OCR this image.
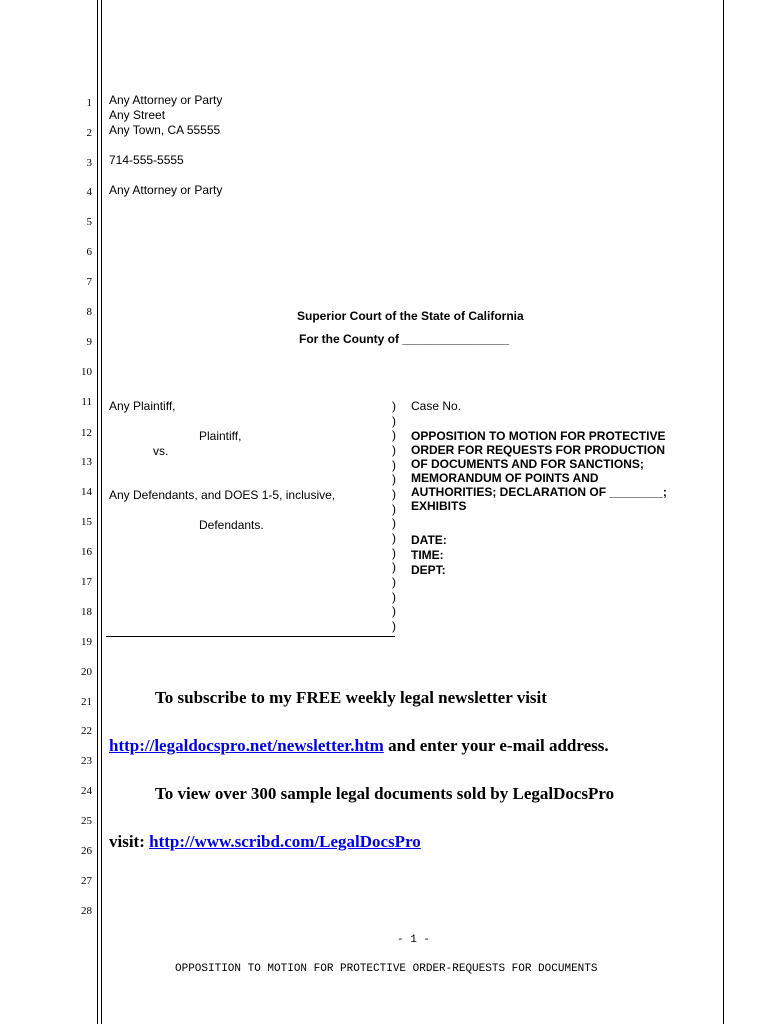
1
2
3
4
5
6
7
8
9
10
11
12
13
14
15
16
17
18
19
20
21
22
23
24
25
26
27
28
Any Attorney or Party
Any Street
Any Town, CA 55555
714-555-5555
Any Attorney or Party
Superior Court of the State of California
For the County of ________________
Any Plaintiff,
Plaintiff,
vs.
Any Defendants, and DOES 1-5, inclusive,
Defendants.
)
)
)
)
)
)
)
)
)
)
)
)
)
)
)
)
Case No.
OPPOSITION TO MOTION FOR PROTECTIVE
ORDER FOR REQUESTS FOR PRODUCTION
OF DOCUMENTS AND FOR SANCTIONS;
MEMORANDUM OF POINTS AND
AUTHORITIES; DECLARATION OF ________;
EXHIBITS
DATE:
TIME:
DEPT:
To subscribe to my FREE weekly legal newsletter visit
http://legaldocspro.net/newsletter.htm and enter your e-mail address.
To view over 300 sample legal documents sold by LegalDocsPro
visit: http://www.scribd.com/LegalDocsPro
- 1 -
OPPOSITION TO MOTION FOR PROTECTIVE ORDER-REQUESTS FOR DOCUMENTS
